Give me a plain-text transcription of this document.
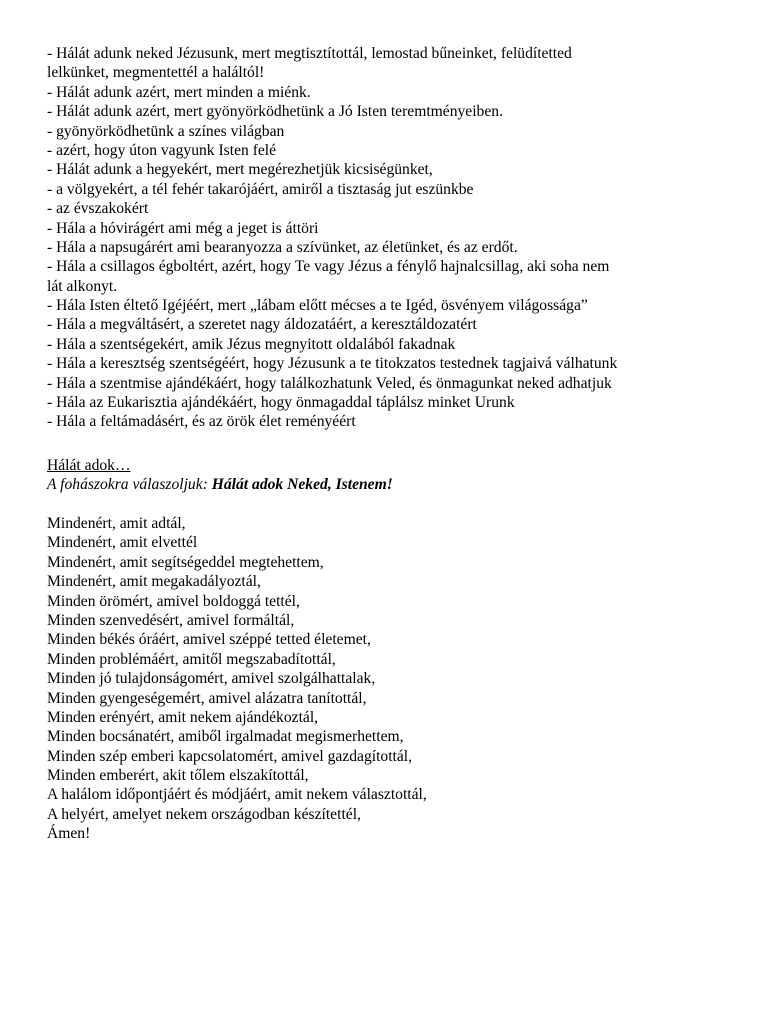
- Hálát adunk neked Jézusunk, mert megtisztítottál, lemostad bűneinket, felüdítetted
lelkünket, megmentettél a haláltól!
- Hálát adunk azért, mert minden a miénk.
- Hálát adunk azért, mert gyönyörködhetünk a Jó Isten teremtményeiben.
- gyönyörködhetünk a színes világban
- azért, hogy úton vagyunk Isten felé
- Hálát adunk a hegyekért, mert megérezhetjük kicsiségünket,
- a völgyekért, a tél fehér takarójáért, amiről a tisztaság jut eszünkbe
- az évszakokért
- Hála a hóvirágért ami még a jeget is áttöri
- Hála a napsugárért ami bearanyozza a szívünket, az életünket, és az erdőt.
- Hála a csillagos égboltért, azért, hogy Te vagy Jézus a fénylő hajnalcsillag, aki soha nem
lát alkonyt.
- Hála Isten éltető Igéjéért, mert „lábam előtt mécses a te Igéd, ösvényem világossága”
- Hála a megváltásért, a szeretet nagy áldozatáért, a keresztáldozatért
- Hála a szentségekért, amik Jézus megnyitott oldalából fakadnak
- Hála a keresztség szentségéért, hogy Jézusunk a te titokzatos testednek tagjaivá válhatunk
- Hála a szentmise ajándékáért, hogy találkozhatunk Veled, és önmagunkat neked adhatjuk
- Hála az Eukarisztia ajándékáért, hogy önmagaddal táplálsz minket Urunk
- Hála a feltámadásért, és az örök élet reményéért
Hálát adok…
A fohászokra válaszoljuk: Hálát adok Neked, Istenem!
Mindenért, amit adtál,
Mindenért, amit elvettél
Mindenért, amit segítségeddel megtehettem,
Mindenért, amit megakadályoztál,
Minden örömért, amivel boldoggá tettél,
Minden szenvedésért, amivel formáltál,
Minden békés óráért, amivel széppé tetted életemet,
Minden problémáért, amitől megszabadítottál,
Minden jó tulajdonságomért, amivel szolgálhattalak,
Minden gyengeségemért, amivel alázatra tanítottál,
Minden erényért, amit nekem ajándékoztál,
Minden bocsánatért, amiből irgalmadat megismerhettem,
Minden szép emberi kapcsolatomért, amivel gazdagítottál,
Minden emberért, akit tőlem elszakítottál,
A halálom időpontjáért és módjáért, amit nekem választottál,
A helyért, amelyet nekem országodban készítettél,
Ámen!
